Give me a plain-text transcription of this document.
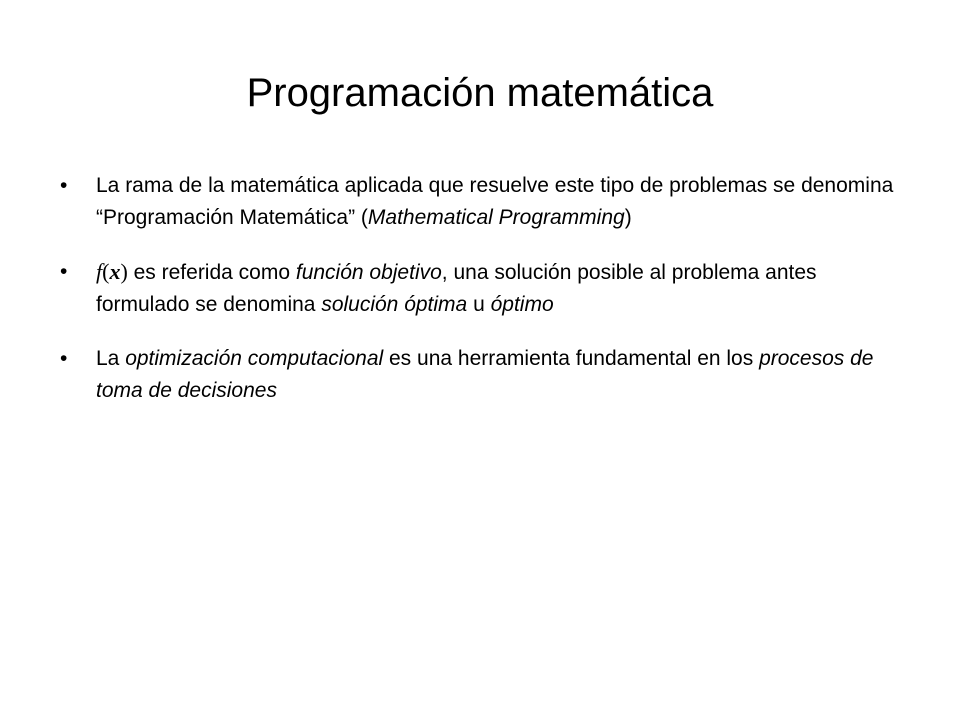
Programación matemática
•	La rama de la matemática aplicada que resuelve este tipo de problemas se denomina “Programación Matemática” (Mathematical Programming)
•	f(x) es referida como función objetivo, una solución posible al problema antes formulado se denomina solución óptima u óptimo
•	La optimización computacional es una herramienta fundamental en los procesos de toma de decisiones
